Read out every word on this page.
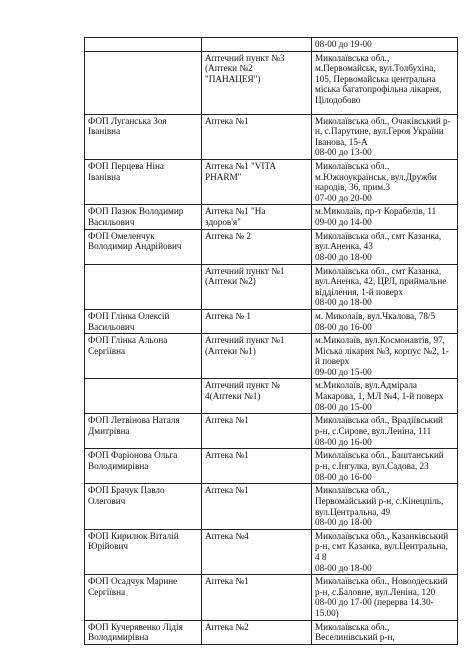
		08-00 до 19-00
	Аптечний пункт №3
(Аптеки №2
"ПАНАЦЕЯ")	Миколаївська обл.,
м.Первомайськ, вул.Толбухіна,
105, Первомайська центральна
міська багатопрофільна лікарня,
Цілодобово
ФОП Луганська Зоя
Іванівна	Аптека №1	Миколаївська обл., Очаківський р-
н, с.Парутине, вул.Героя України
Іванова, 15-А
08-00 до 13-00
ФОП Перцева Ніна
Іванівна	Аптека №1 "VITA
PHARM"	Миколаївська обл.,
м.Южноукраїнськ, вул.Дружби
народів, 36, прим.3
07-00 до 20-00
ФОП Пазюк Володимир
Васильович	Аптека №1 "На
здоров'я"	м.Миколаїв, пр-т Корабелів, 11
09-00 до 14-00
ФОП Омеленчук
Володимир Андрійович	Аптека № 2	Миколаївська обл., смт Казанка,
вул.Аненка, 43
08-00 до 18-00
	Аптечний пункт №1
(Аптеки №2)	Миколаївська обл., смт Казанка,
вул.Аненка, 42, ЦРЛ, приймальне
відділення, 1-й поверх
08-00 до 18-00
ФОП Глінка Олексій
Васильович	Аптека № 1	м. Миколаїв, вул.Чкалова, 78/5
08-00 до 16-00
ФОП Глінка Альона
Сергіївна	Аптечний пункт №1
(Аптеки №1)	м.Миколаїв, вул.Космонавтів, 97,
Міська лікарня №3, корпус №2, 1-
й поверх
09-00 до 15-00
	Аптечний пункт №
4(Аптеки №1)	м.Миколаїв, вул.Адмірала
Макарова, 1, МЛ №4, 1-й поверх
08-00 до 15-00
ФОП Летвінова Наталя
Дмитрівна	Аптека №1	Миколаївська обл., Врадіївський
р-н, с.Сирове, вул.Леніна, 111
08-00 до 16-00
ФОП Фаріонова Ольга
Володимирівна	Аптека №1	Миколаївська обл., Баштанський
р-н, с.Інгулка, вул.Садова, 23
08-00 до 16-00
ФОП Брачук Павло
Олегович	Аптека №1	Миколаївська обл.,
Первомайський р-н, с.Кінецпіль,
вул.Центральна, 49
08-00 до 18-00
ФОП Кирилюк Віталій
Юрійович	Аптека №4	Миколаївська обл., Казанківський
р-н, смт Казанка, вул.Центральна,
4 8
08-00 до 18-00
ФОП Осадчук Марине
Сергіївна	Аптека №1	Миколаївська обл., Новоодеський
р-н, с.Баловне, вул.Леніна, 120
08-00 до 17-00 (перерва 14.30-
15.00)
ФОП Кучерявенко Лідія
Володимирівна	Аптека №2	Миколаївська обл.,
Веселинівський р-н,
